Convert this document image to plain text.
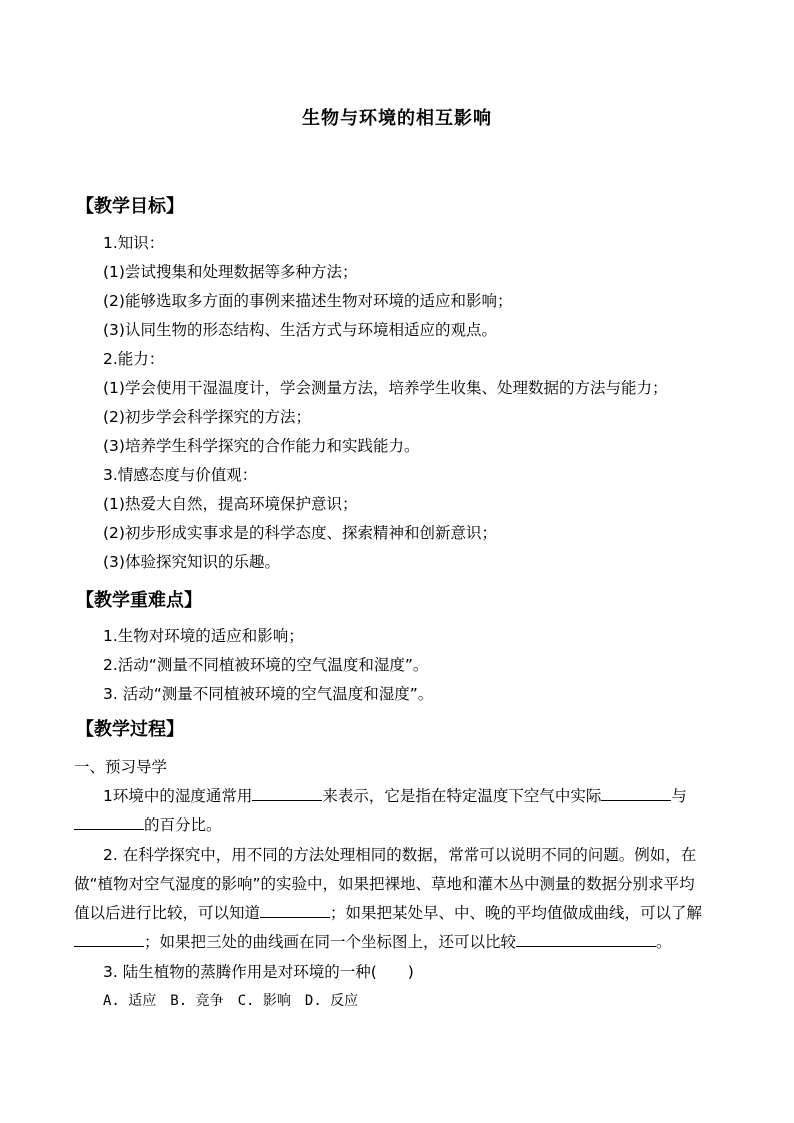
生物与环境的相互影响
【教学目标】
1.知识：
(1)尝试搜集和处理数据等多种方法；
(2)能够选取多方面的事例来描述生物对环境的适应和影响；
(3)认同生物的形态结构、生活方式与环境相适应的观点。
2.能力：
(1)学会使用干湿温度计，学会测量方法，培养学生收集、处理数据的方法与能力；
(2)初步学会科学探究的方法；
(3)培养学生科学探究的合作能力和实践能力。
3.情感态度与价值观：
(1)热爱大自然，提高环境保护意识；
(2)初步形成实事求是的科学态度、探索精神和创新意识；
(3)体验探究知识的乐趣。
【教学重难点】
1.生物对环境的适应和影响；
2.活动“测量不同植被环境的空气温度和湿度”。
3. 活动“测量不同植被环境的空气温度和湿度”。
【教学过程】
一、预习导学
1环境中的湿度通常用	来表示，它是指在特定温度下空气中实际	与
的百分比。
2. 在科学探究中，用不同的方法处理相同的数据，常常可以说明不同的问题。例如，在
做“植物对空气湿度的影响”的实验中，如果把裸地、草地和灌木丛中测量的数据分别求平均
值以后进行比较，可以知道	；如果把某处早、中、晚的平均值做成曲线，可以了解
；如果把三处的曲线画在同一个坐标图上，还可以比较	。
3. 陆生植物的蒸腾作用是对环境的一种(　　)
A. 适应 B. 竞争 C. 影响 D. 反应
